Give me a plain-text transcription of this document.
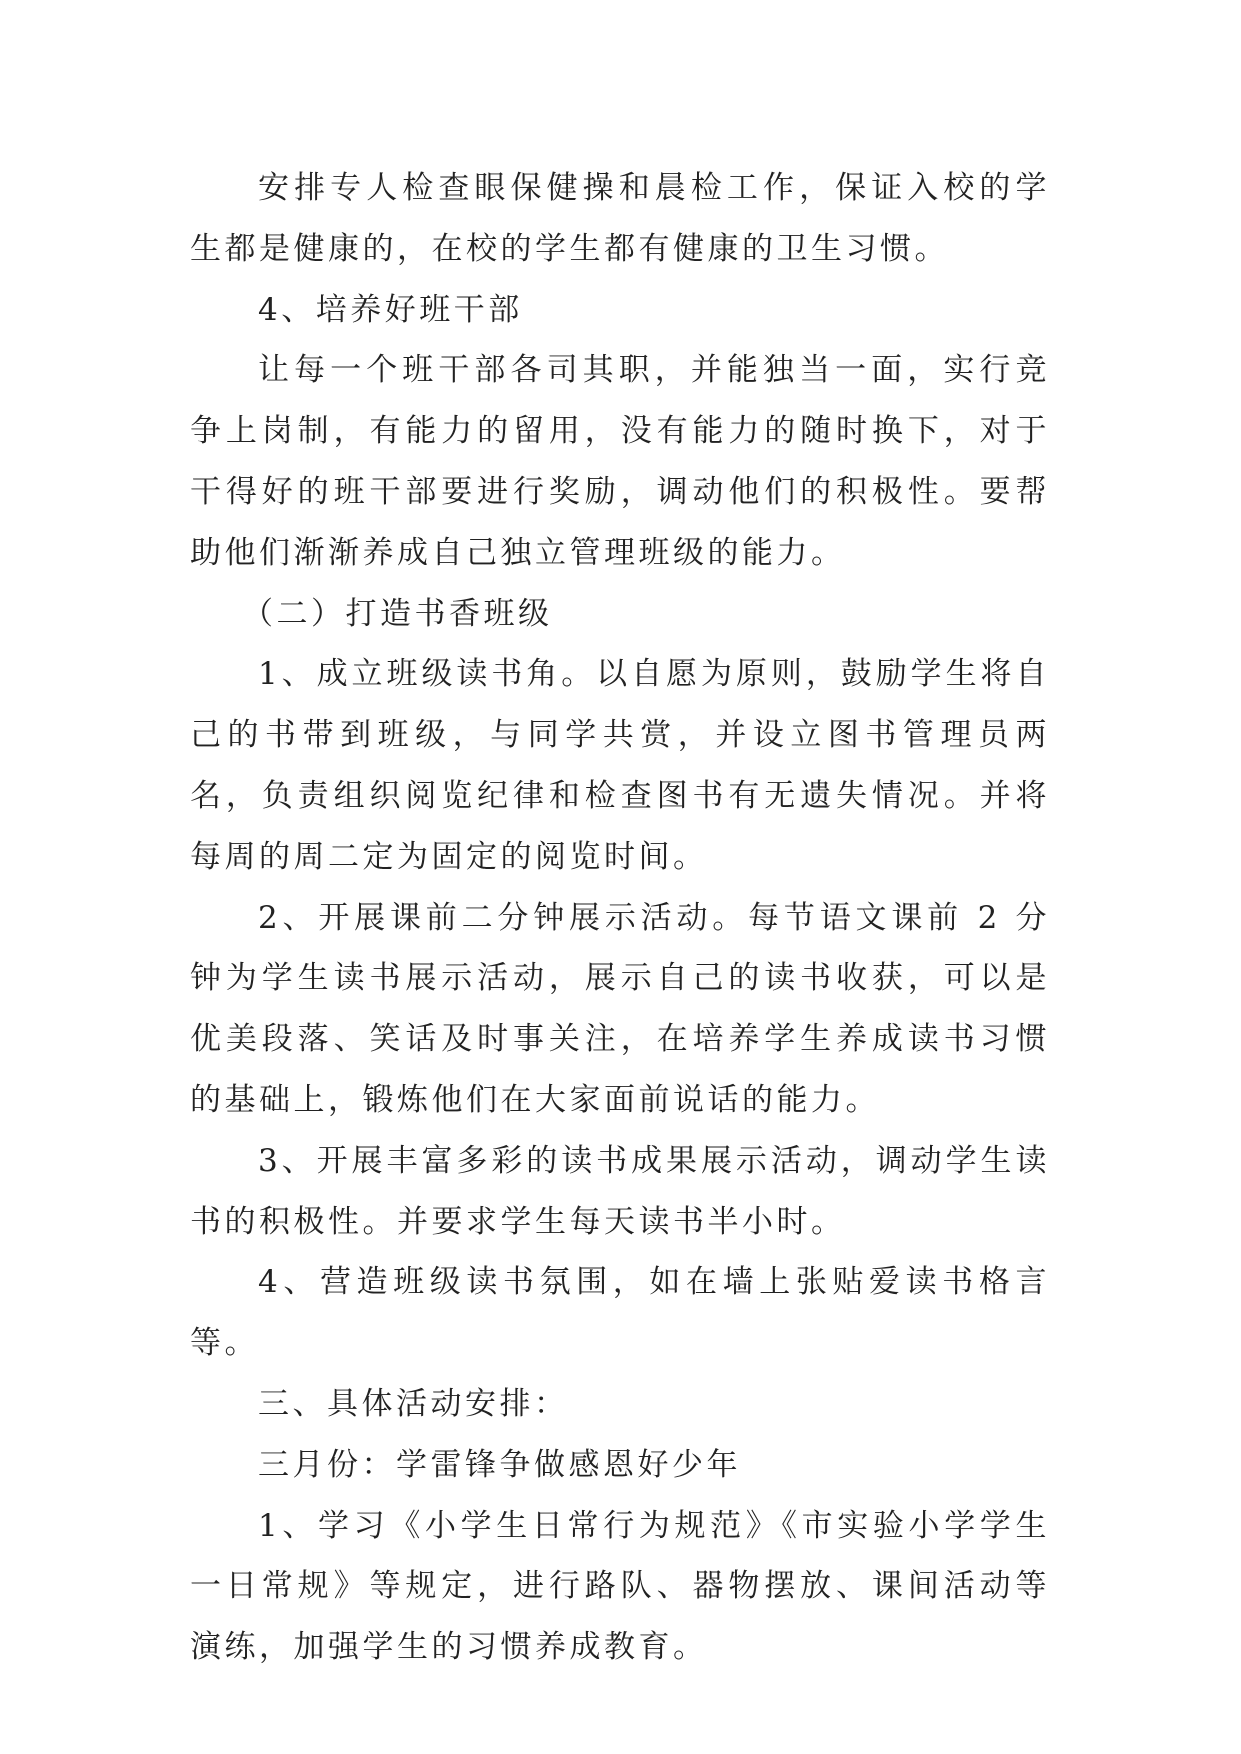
安排专人检查眼保健操和晨检工作，保证入校的学生都是健康的，在校的学生都有健康的卫生习惯。

4、培养好班干部

让每一个班干部各司其职，并能独当一面，实行竞争上岗制，有能力的留用，没有能力的随时换下，对于干得好的班干部要进行奖励，调动他们的积极性。要帮助他们渐渐养成自己独立管理班级的能力。

（二）打造书香班级

1、成立班级读书角。以自愿为原则，鼓励学生将自己的书带到班级，与同学共赏，并设立图书管理员两名，负责组织阅览纪律和检查图书有无遗失情况。并将每周的周二定为固定的阅览时间。

2、开展课前二分钟展示活动。每节语文课前 2 分钟为学生读书展示活动，展示自己的读书收获，可以是优美段落、笑话及时事关注，在培养学生养成读书习惯的基础上，锻炼他们在大家面前说话的能力。

3、开展丰富多彩的读书成果展示活动，调动学生读书的积极性。并要求学生每天读书半小时。

4、营造班级读书氛围，如在墙上张贴爱读书格言等。

三、具体活动安排：

三月份：学雷锋争做感恩好少年

1、学习《小学生日常行为规范》《市实验小学学生一日常规》等规定，进行路队、器物摆放、课间活动等演练，加强学生的习惯养成教育。
